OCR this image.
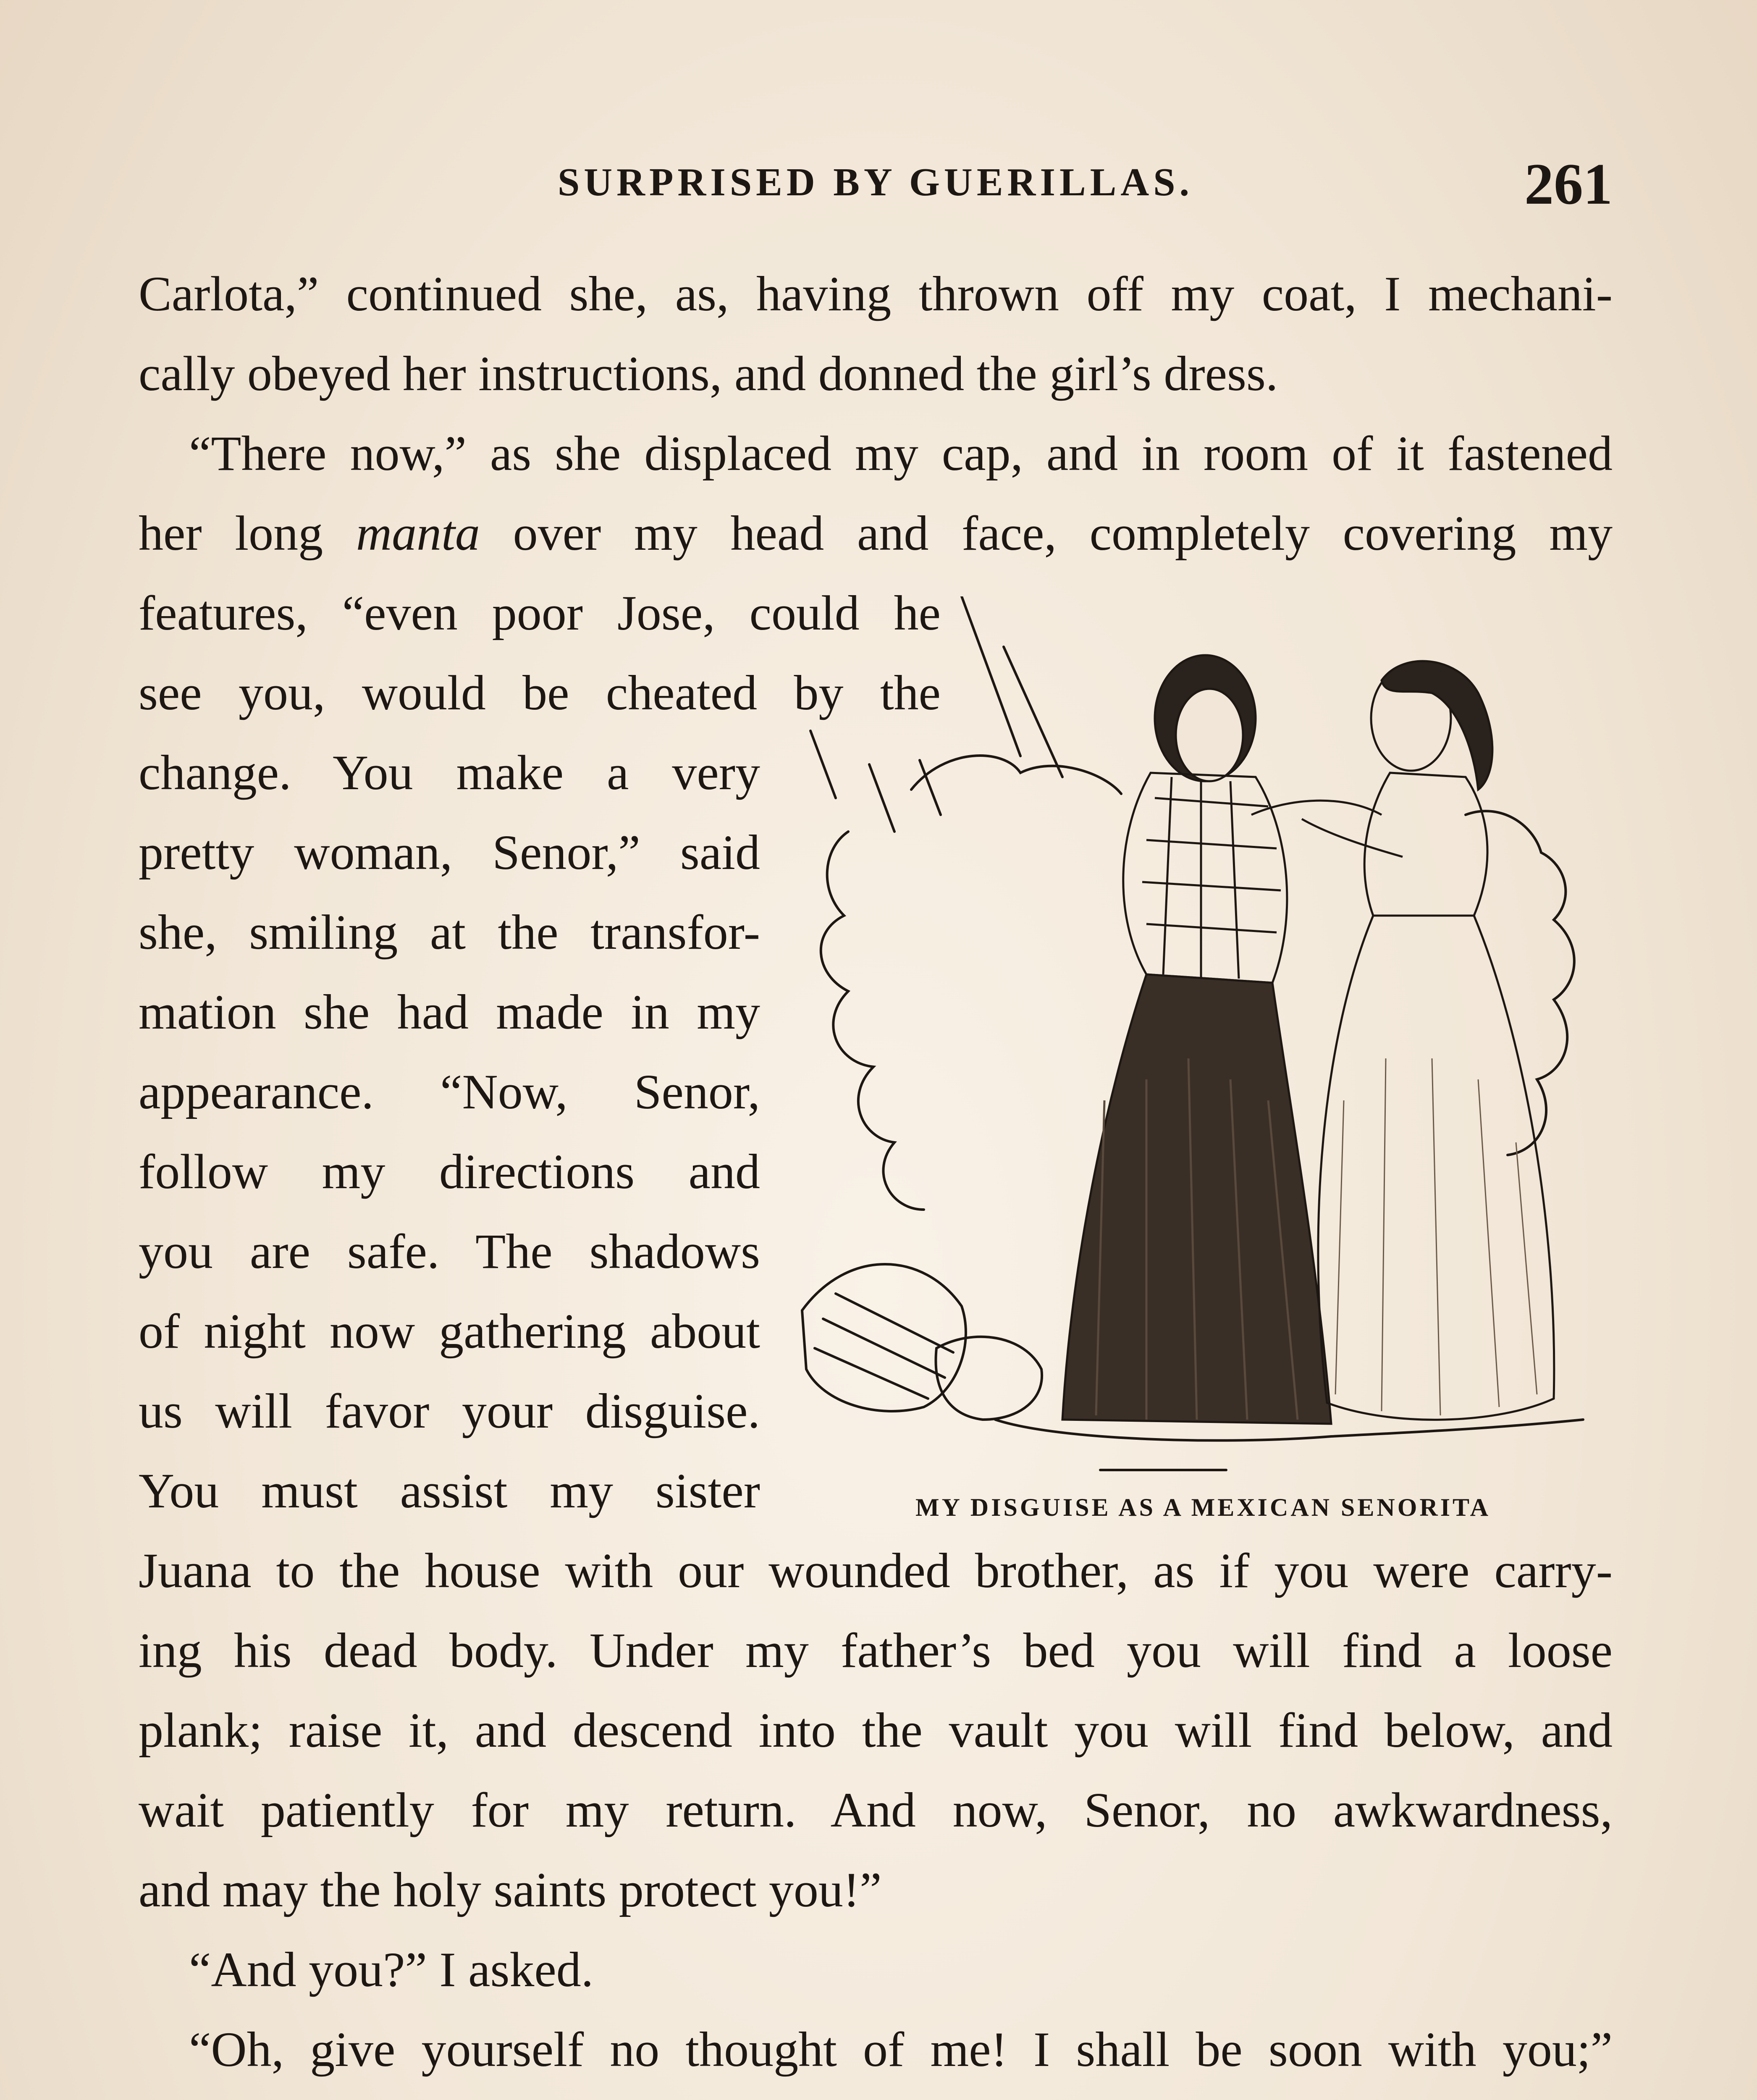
SURPRISED BY GUERILLAS.	261
Carlota,” continued she, as, having thrown off my coat, I mechani-
cally obeyed her instructions, and donned the girl’s dress.
“There now,” as she displaced my cap, and in room of it fastened
her long manta over my head and face, completely covering my
features, “even poor Jose, could he
see you, would be cheated by the
change. You make a very
pretty woman, Senor,” said
she, smiling at the transfor-
mation she had made in my
appearance. “Now, Senor,
follow my directions and
you are safe. The shadows
of night now gathering about
us will favor your disguise.
You must assist my sister
Juana to the house with our wounded brother, as if you were carry-
ing his dead body. Under my father’s bed you will find a loose
plank; raise it, and descend into the vault you will find below, and
wait patiently for my return. And now, Senor, no awkwardness,
and may the holy saints protect you!”
“And you?” I asked.
“Oh, give yourself no thought of me! I shall be soon with you;”
MY DISGUISE AS A MEXICAN SENORITA
